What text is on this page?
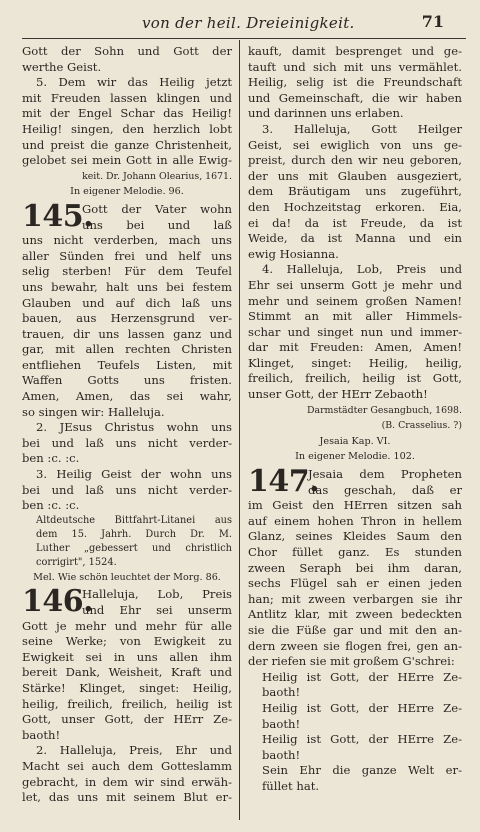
von der heil. Dreieinigkeit.	71
Gott der Sohn und Gott der
werthe Geist.
5. Dem wir das Heilig jetzt
mit Freuden lassen klingen und
mit der Engel Schar das Heilig!
Heilig! singen, den herzlich lobt
und preist die ganze Christenheit,
gelobet sei mein Gott in alle Ewig-
keit. Dr. Johann Olearius, 1671.
In eigener Melodie. 96.
145.
Gott der Vater wohn
uns bei und laß
uns nicht verderben, mach uns
aller Sünden frei und helf uns
selig sterben! Für dem Teufel
uns bewahr, halt uns bei festem
Glauben und auf dich laß uns
bauen, aus Herzensgrund ver-
trauen, dir uns lassen ganz und
gar, mit allen rechten Christen
entfliehen Teufels Listen, mit
Waffen Gotts uns fristen.
Amen, Amen, das sei wahr,
so singen wir: Halleluja.
2. JEsus Christus wohn uns
bei und laß uns nicht verder-
ben :c. :c.
3. Heilig Geist der wohn uns
bei und laß uns nicht verder-
ben :c. :c.
Altdeutsche Bittfahrt-Litanei aus
dem 15. Jahrh. Durch Dr. M.
Luther „gebessert und christlich
corrigirt", 1524.
Mel. Wie schön leuchtet der Morg. 86.
146.
Halleluja, Lob, Preis
und Ehr sei unserm
Gott je mehr und mehr für alle
seine Werke; von Ewigkeit zu
Ewigkeit sei in uns allen ihm
bereit Dank, Weisheit, Kraft und
Stärke! Klinget, singet: Heilig,
heilig, freilich, freilich, heilig ist
Gott, unser Gott, der HErr Ze-
baoth!
2. Halleluja, Preis, Ehr und
Macht sei auch dem Gotteslamm
gebracht, in dem wir sind erwäh-
let, das uns mit seinem Blut er-
kauft, damit besprenget und ge-
tauft und sich mit uns vermählet.
Heilig, selig ist die Freundschaft
und Gemeinschaft, die wir haben
und darinnen uns erlaben.
3. Halleluja, Gott Heilger
Geist, sei ewiglich von uns ge-
preist, durch den wir neu geboren,
der uns mit Glauben ausgeziert,
dem Bräutigam uns zugeführt,
den Hochzeitstag erkoren. Eia,
ei da! da ist Freude, da ist
Weide, da ist Manna und ein
ewig Hosianna.
4. Halleluja, Lob, Preis und
Ehr sei unserm Gott je mehr und
mehr und seinem großen Namen!
Stimmt an mit aller Himmels-
schar und singet nun und immer-
dar mit Freuden: Amen, Amen!
Klinget, singet: Heilig, heilig,
freilich, freilich, heilig ist Gott,
unser Gott, der HErr Zebaoth!
Darmstädter Gesangbuch, 1698.
(B. Crasselius. ?)
Jesaia Kap. VI.
In eigener Melodie. 102.
147.
Jesaia dem Propheten
das geschah, daß er
im Geist den HErren sitzen sah
auf einem hohen Thron in hellem
Glanz, seines Kleides Saum den
Chor füllet ganz. Es stunden
zween Seraph bei ihm daran,
sechs Flügel sah er einen jeden
han; mit zween verbargen sie ihr
Antlitz klar, mit zween bedeckten
sie die Füße gar und mit den an-
dern zween sie flogen frei, gen an-
der riefen sie mit großem G'schrei:
Heilig ist Gott, der HErre Ze-
baoth!
Heilig ist Gott, der HErre Ze-
baoth!
Heilig ist Gott, der HErre Ze-
baoth!
Sein Ehr die ganze Welt er-
füllet hat.
